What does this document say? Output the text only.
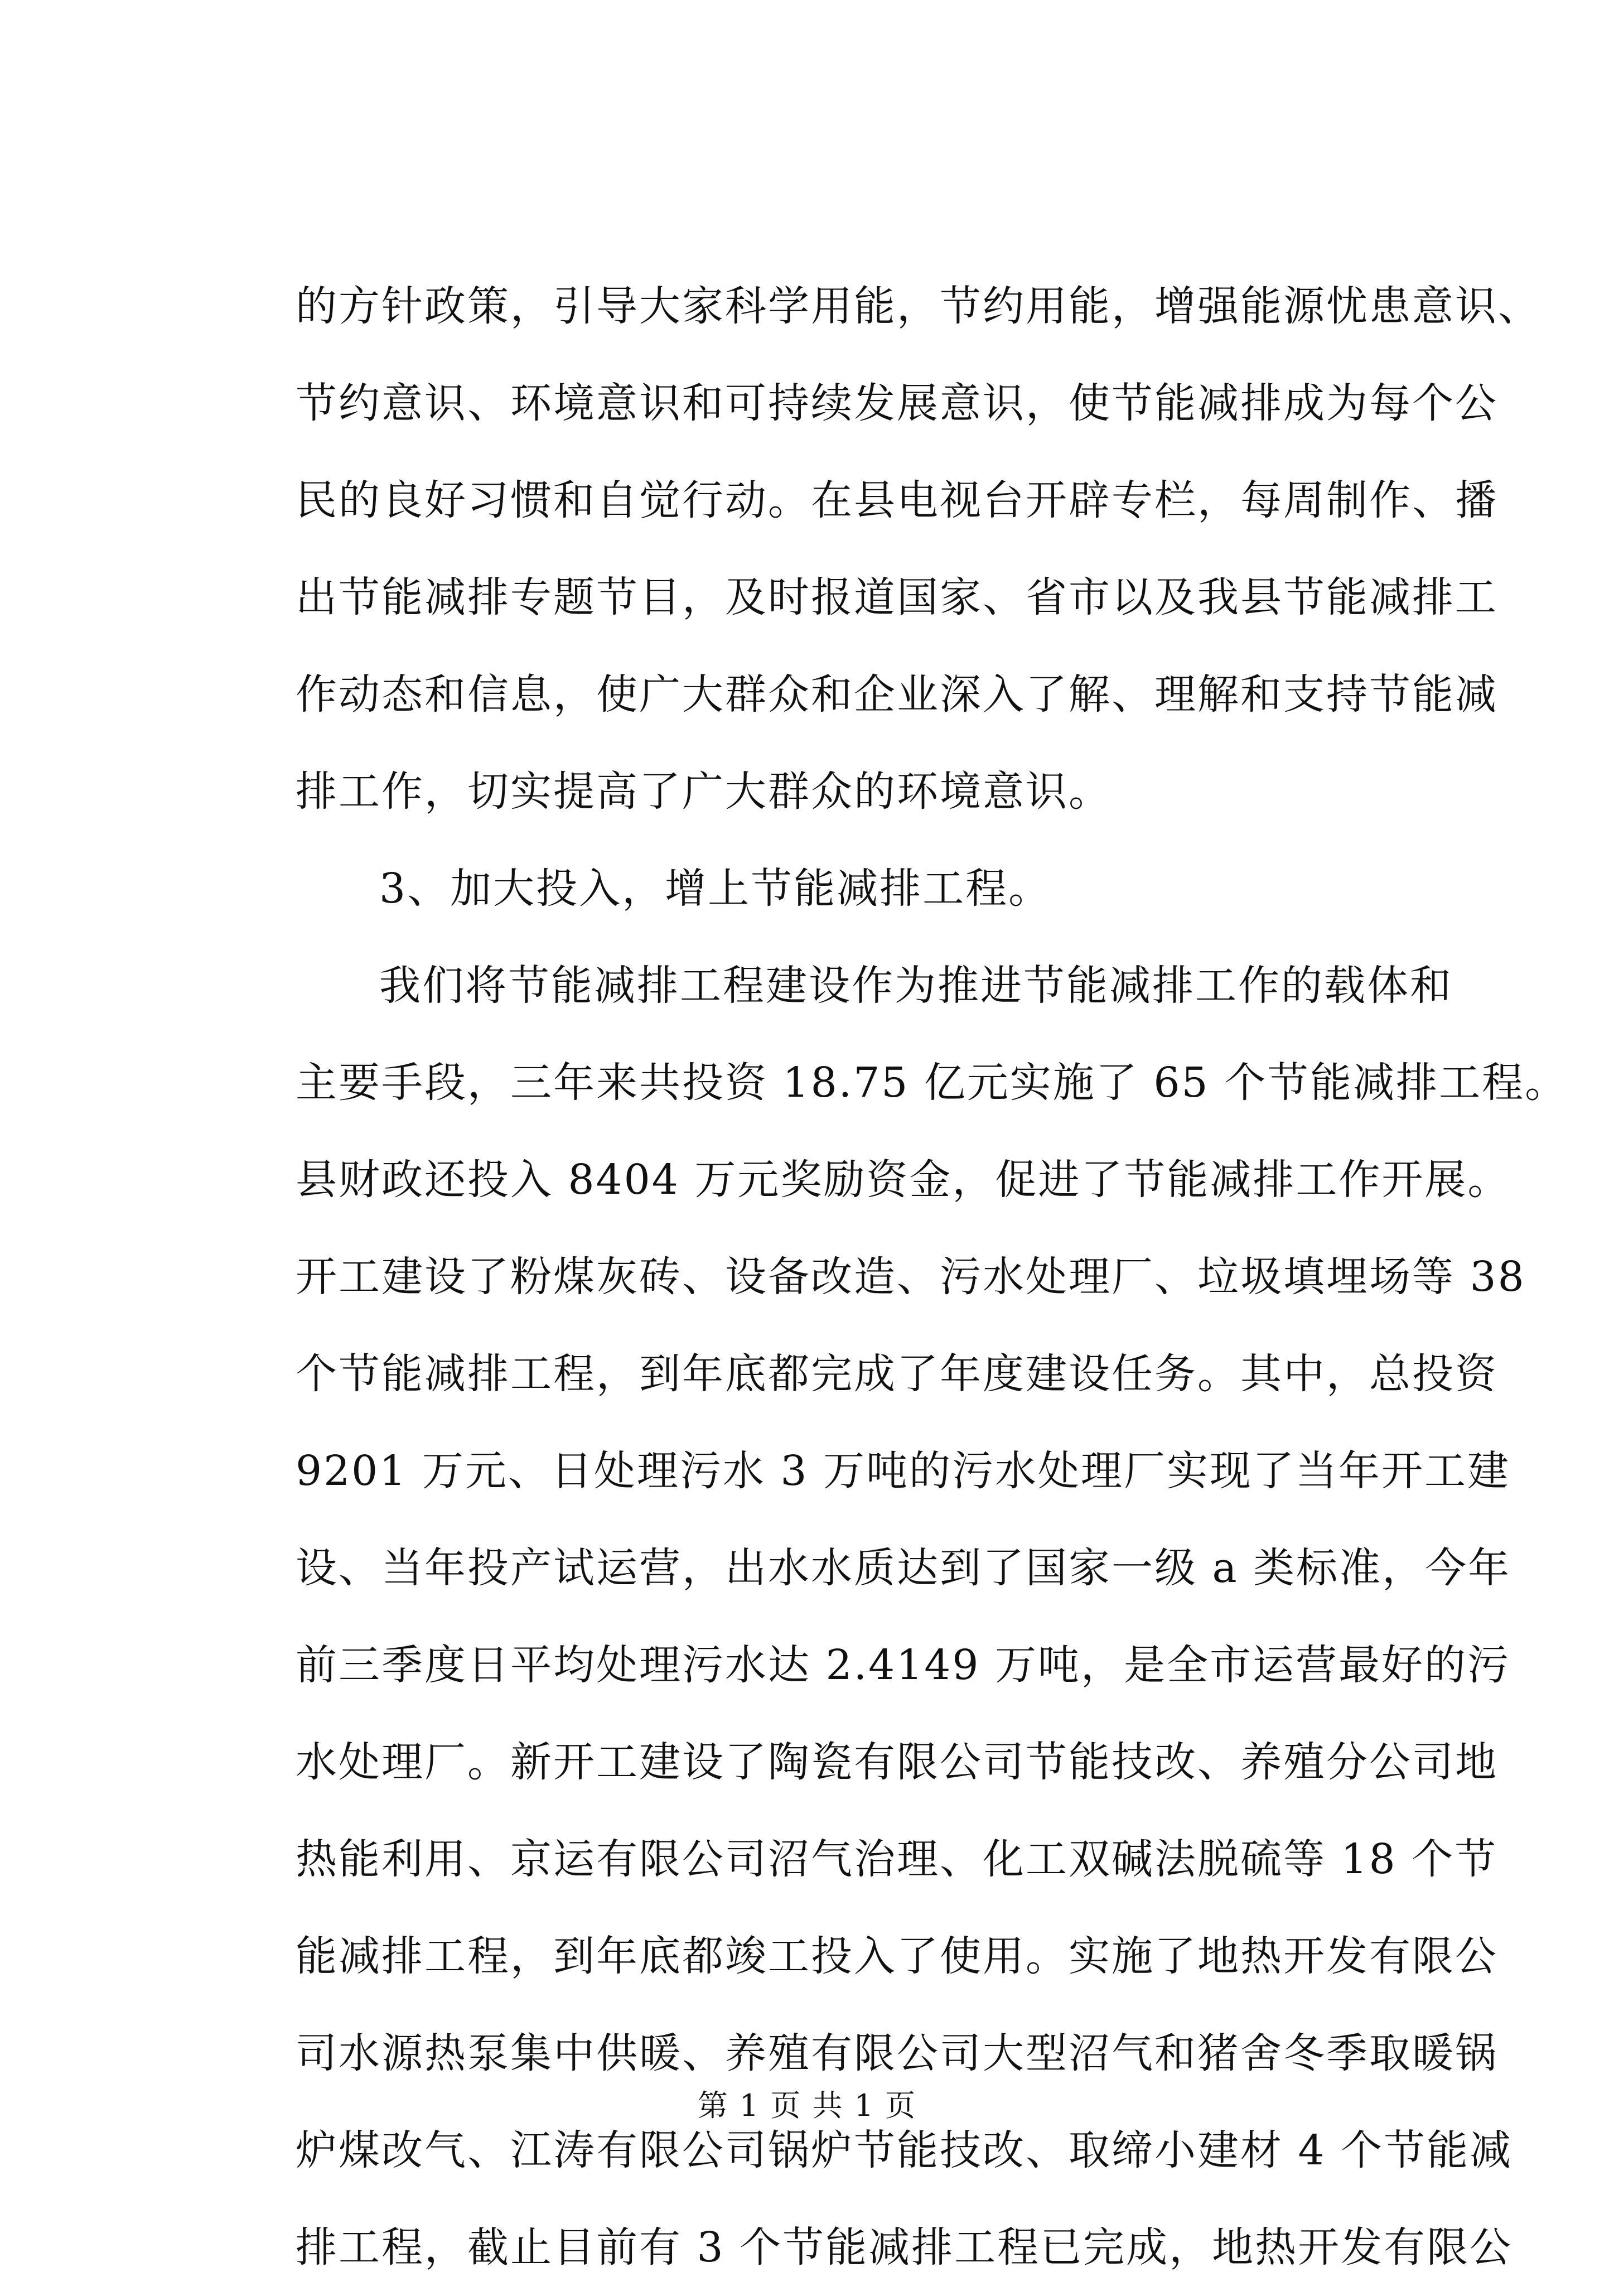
的方针政策，引导大家科学用能，节约用能，增强能源忧患意识、
节约意识、环境意识和可持续发展意识，使节能减排成为每个公
民的良好习惯和自觉行动。在县电视台开辟专栏，每周制作、播
出节能减排专题节目，及时报道国家、省市以及我县节能减排工
作动态和信息，使广大群众和企业深入了解、理解和支持节能减
排工作，切实提高了广大群众的环境意识。
3、加大投入，增上节能减排工程。
我们将节能减排工程建设作为推进节能减排工作的载体和
主要手段，三年来共投资 18.75 亿元实施了 65 个节能减排工程。
县财政还投入 8404 万元奖励资金，促进了节能减排工作开展。
开工建设了粉煤灰砖、设备改造、污水处理厂、垃圾填埋场等 38
个节能减排工程，到年底都完成了年度建设任务。其中，总投资
9201 万元、日处理污水 3 万吨的污水处理厂实现了当年开工建
设、当年投产试运营，出水水质达到了国家一级 a 类标准，今年
前三季度日平均处理污水达 2.4149 万吨，是全市运营最好的污
水处理厂。新开工建设了陶瓷有限公司节能技改、养殖分公司地
热能利用、京运有限公司沼气治理、化工双碱法脱硫等 18 个节
能减排工程，到年底都竣工投入了使用。实施了地热开发有限公
司水源热泵集中供暖、养殖有限公司大型沼气和猪舍冬季取暖锅
炉煤改气、江涛有限公司锅炉节能技改、取缔小建材 4 个节能减
排工程，截止目前有 3 个节能减排工程已完成，地热开发有限公
第 1 页 共 1 页
